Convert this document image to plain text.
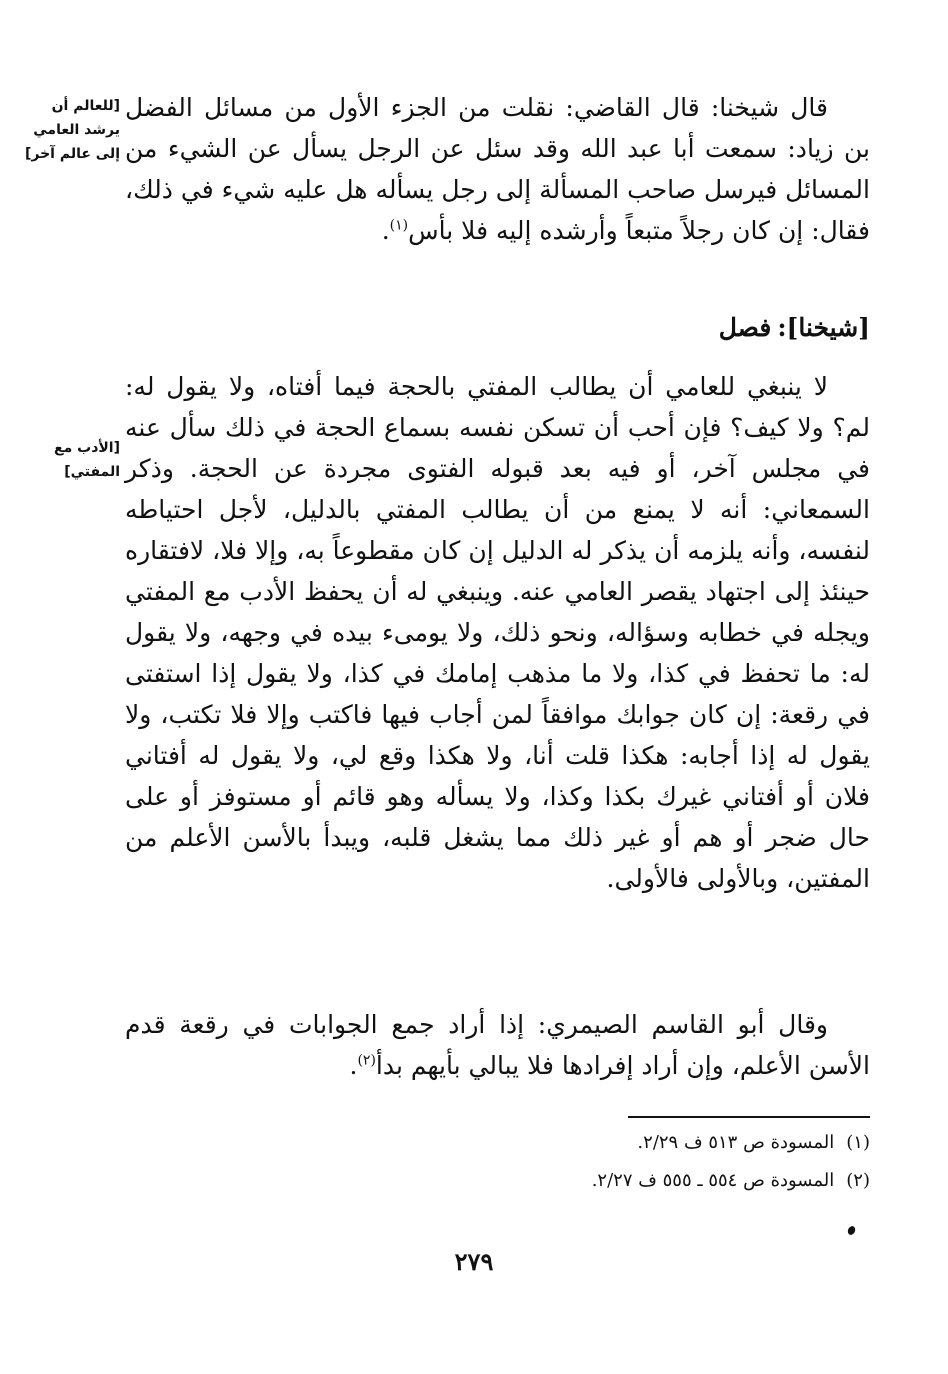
[للعالم أن يرشد العامي إلى عالم آخر]

قال شيخنا: قال القاضي: نقلت من الجزء الأول من مسائل الفضل بن زياد: سمعت أبا عبد الله وقد سئل عن الرجل يسأل عن الشيء من المسائل فيرسل صاحب المسألة إلى رجل يسأله هل عليه شيء في ذلك، فقال: إن كان رجلاً متبعاً وأرشده إليه فلا بأس$^{(١)}$.

[شيخنا]:فصل
[الأدب مع المفتي]

لا ينبغي للعامي أن يطالب المفتي بالحجة فيما أفتاه، ولا يقول له: لم؟ ولا كيف؟ فإن أحب أن تسكن نفسه بسماع الحجة في ذلك سأل عنه في مجلس آخر، أو فيه بعد قبوله الفتوى مجردة عن الحجة. وذكر السمعاني: أنه لا يمنع من أن يطالب المفتي بالدليل، لأجل احتياطه لنفسه، وأنه يلزمه أن يذكر له الدليل إن كان مقطوعاً به، وإلا فلا، لافتقاره حينئذ إلى اجتهاد يقصر العامي عنه. وينبغي له أن يحفظ الأدب مع المفتي ويجله في خطابه وسؤاله، ونحو ذلك، ولا يومىء بيده في وجهه، ولا يقول له: ما تحفظ في كذا، ولا ما مذهب إمامك في كذا، ولا يقول إذا استفتى في رقعة: إن كان جوابك موافقاً لمن أجاب فيها فاكتب وإلا فلا تكتب، ولا يقول له إذا أجابه: هكذا قلت أنا، ولا هكذا وقع لي، ولا يقول له أفتاني فلان أو أفتاني غيرك بكذا وكذا، ولا يسأله وهو قائم أو مستوفز أو على حال ضجر أو هم أو غير ذلك مما يشغل قلبه، ويبدأ بالأسن الأعلم من المفتين، وبالأولى فالأولى.

وقال أبو القاسم الصيمري: إذا أراد جمع الجوابات في رقعة قدم الأسن الأعلم، وإن أراد إفرادها فلا يبالي بأيهم بدأ$^{(٢)}$.

(١)المسودة ص ٥١٣ ف ٢/٢٩.
(٢)المسودة ص ٥٥٤ ـ ٥٥٥ ف ٢/٢٧.
٢٧٩
